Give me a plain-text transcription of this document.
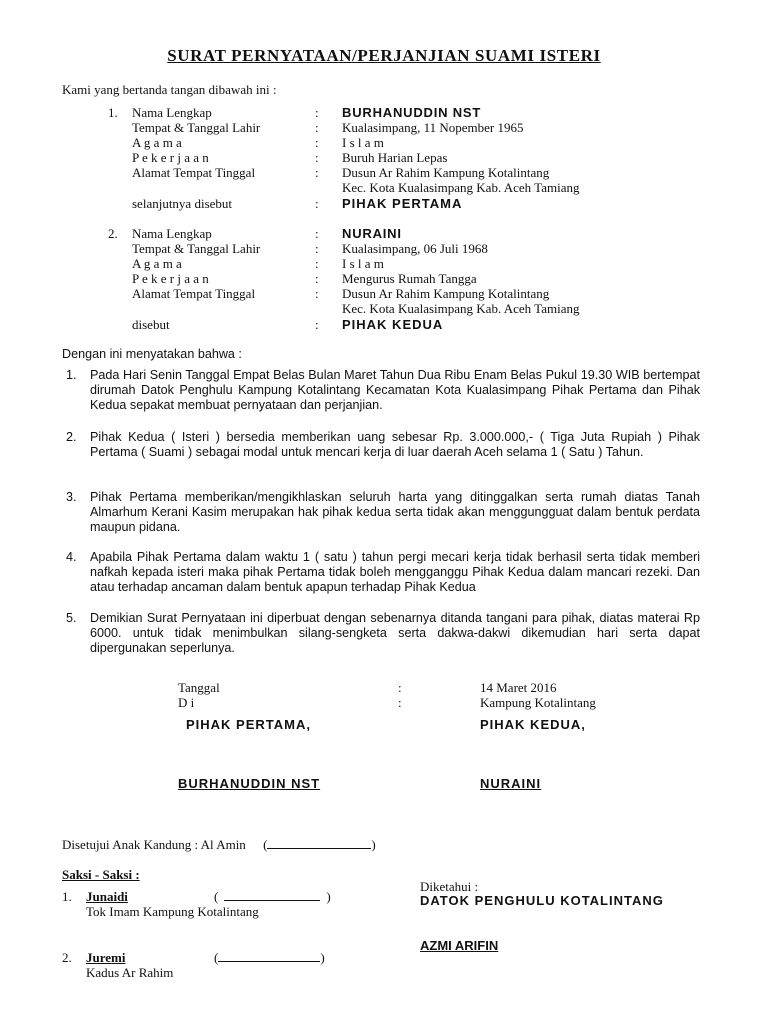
SURAT PERNYATAAN/PERJANJIAN SUAMI ISTERI
Kami yang bertanda tangan dibawah ini :
1. Nama Lengkap	: BURHANUDDIN NST
Tempat & Tanggal Lahir	: Kualasimpang, 11 Nopember 1965
A g a m a	: I s l a m
P e k e r j a a n	: Buruh Harian Lepas
Alamat Tempat Tinggal	: Dusun Ar Rahim Kampung Kotalintang
Kec. Kota Kualasimpang Kab. Aceh Tamiang
selanjutnya disebut	: PIHAK PERTAMA
2. Nama Lengkap	: NURAINI
Tempat & Tanggal Lahir	: Kualasimpang, 06 Juli 1968
A g a m a	: I s l a m
P e k e r j a a n	: Mengurus Rumah Tangga
Alamat Tempat Tinggal	: Dusun Ar Rahim Kampung Kotalintang
Kec. Kota Kualasimpang Kab. Aceh Tamiang
disebut	: PIHAK KEDUA
Dengan ini menyatakan bahwa :
1. Pada Hari Senin Tanggal Empat Belas Bulan Maret Tahun Dua Ribu Enam Belas Pukul 19.30 WIB bertempat dirumah Datok Penghulu Kampung Kotalintang Kecamatan Kota Kualasimpang Pihak Pertama dan Pihak Kedua sepakat membuat pernyataan dan perjanjian.
2. Pihak Kedua ( Isteri ) bersedia memberikan uang sebesar Rp. 3.000.000,- ( Tiga Juta Rupiah ) Pihak Pertama ( Suami ) sebagai modal untuk mencari kerja di luar daerah Aceh selama 1 ( Satu ) Tahun.
3. Pihak Pertama memberikan/mengikhlaskan seluruh harta yang ditinggalkan serta rumah diatas Tanah Almarhum Kerani Kasim merupakan hak pihak kedua serta tidak akan menggungguat dalam bentuk perdata maupun pidana.
4. Apabila Pihak Pertama dalam waktu 1 ( satu ) tahun pergi mecari kerja tidak berhasil serta tidak memberi nafkah kepada isteri maka pihak Pertama tidak boleh mengganggu Pihak Kedua dalam mancari rezeki. Dan atau terhadap ancaman dalam bentuk apapun terhadap Pihak Kedua
5. Demikian Surat Pernyataan ini diperbuat dengan sebenarnya ditanda tangani para pihak, diatas materai Rp 6000. untuk tidak menimbulkan silang-sengketa serta dakwa-dakwi dikemudian hari serta dapat dipergunakan seperlunya.
Tanggal	:	14 Maret 2016
D i	:	Kampung Kotalintang
PIHAK PERTAMA,	PIHAK KEDUA,
BURHANUDDIN NST	NURAINI
Disetujui Anak Kandung : Al Amin (	)
Saksi - Saksi :
1. Junaidi	(	)
Tok Imam Kampung Kotalintang
2. Juremi	(	)
Kadus Ar Rahim
Diketahui :
DATOK PENGHULU KOTALINTANG
AZMI ARIFIN
